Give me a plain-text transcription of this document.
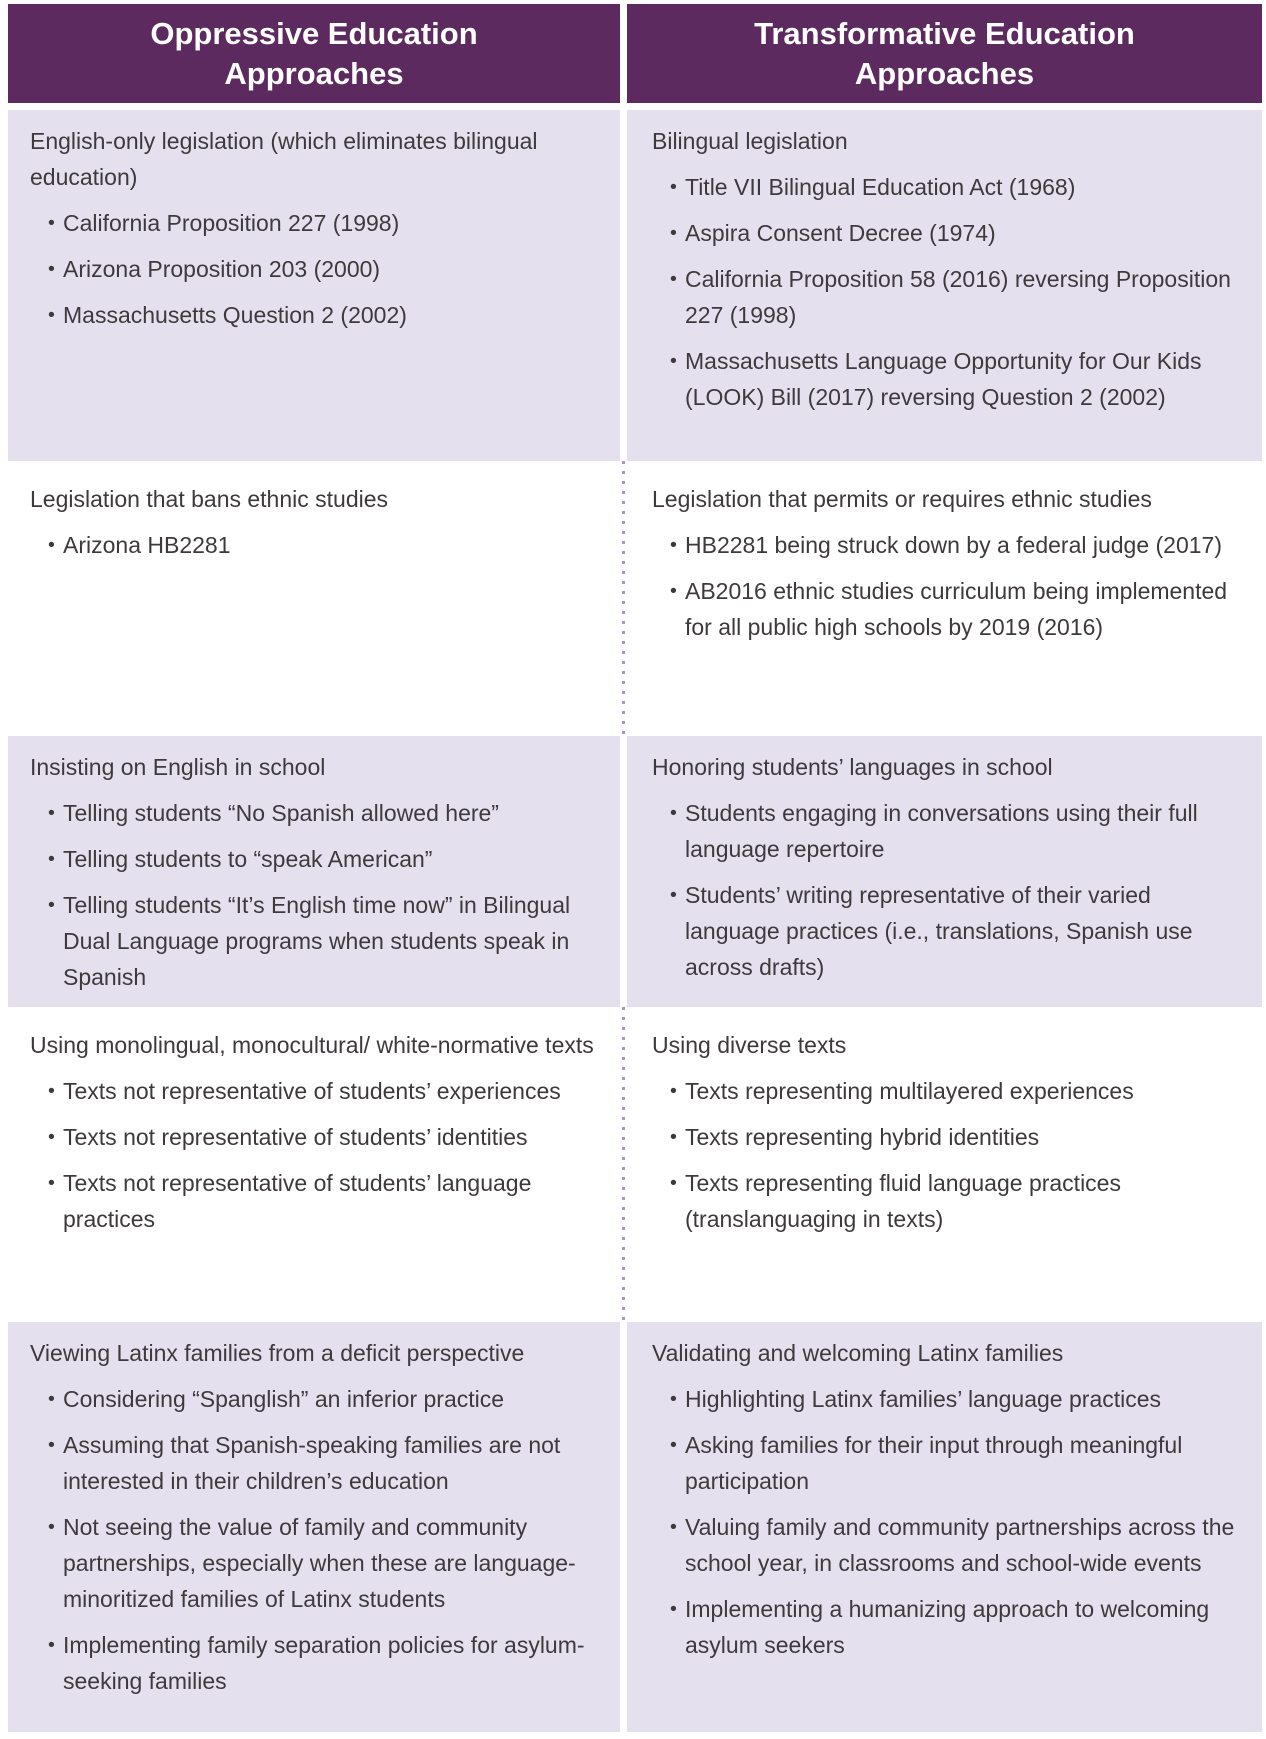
Oppressive Education Approaches
Transformative Education Approaches
English-only legislation (which eliminates bilingual education)
• California Proposition 227 (1998)
• Arizona Proposition 203 (2000)
• Massachusetts Question 2 (2002)
Bilingual legislation
• Title VII Bilingual Education Act (1968)
• Aspira Consent Decree (1974)
• California Proposition 58 (2016) reversing Proposition 227 (1998)
• Massachusetts Language Opportunity for Our Kids (LOOK) Bill (2017) reversing Question 2 (2002)
Legislation that bans ethnic studies
• Arizona HB2281
Legislation that permits or requires ethnic studies
• HB2281 being struck down by a federal judge (2017)
• AB2016 ethnic studies curriculum being implemented for all public high schools by 2019 (2016)
Insisting on English in school
• Telling students “No Spanish allowed here”
• Telling students to “speak American”
• Telling students “It’s English time now” in Bilingual Dual Language programs when students speak in Spanish
Honoring students’ languages in school
• Students engaging in conversations using their full language repertoire
• Students’ writing representative of their varied language practices (i.e., translations, Spanish use across drafts)
Using monolingual, monocultural/ white-normative texts
• Texts not representative of students’ experiences
• Texts not representative of students’ identities
• Texts not representative of students’ language practices
Using diverse texts
• Texts representing multilayered experiences
• Texts representing hybrid identities
• Texts representing fluid language practices (translanguaging in texts)
Viewing Latinx families from a deficit perspective
• Considering “Spanglish” an inferior practice
• Assuming that Spanish-speaking families are not interested in their children’s education
• Not seeing the value of family and community partnerships, especially when these are language-minoritized families of Latinx students
• Implementing family separation policies for asylum-seeking families
Validating and welcoming Latinx families
• Highlighting Latinx families’ language practices
• Asking families for their input through meaningful participation
• Valuing family and community partnerships across the school year, in classrooms and school-wide events
• Implementing a humanizing approach to welcoming asylum seekers
